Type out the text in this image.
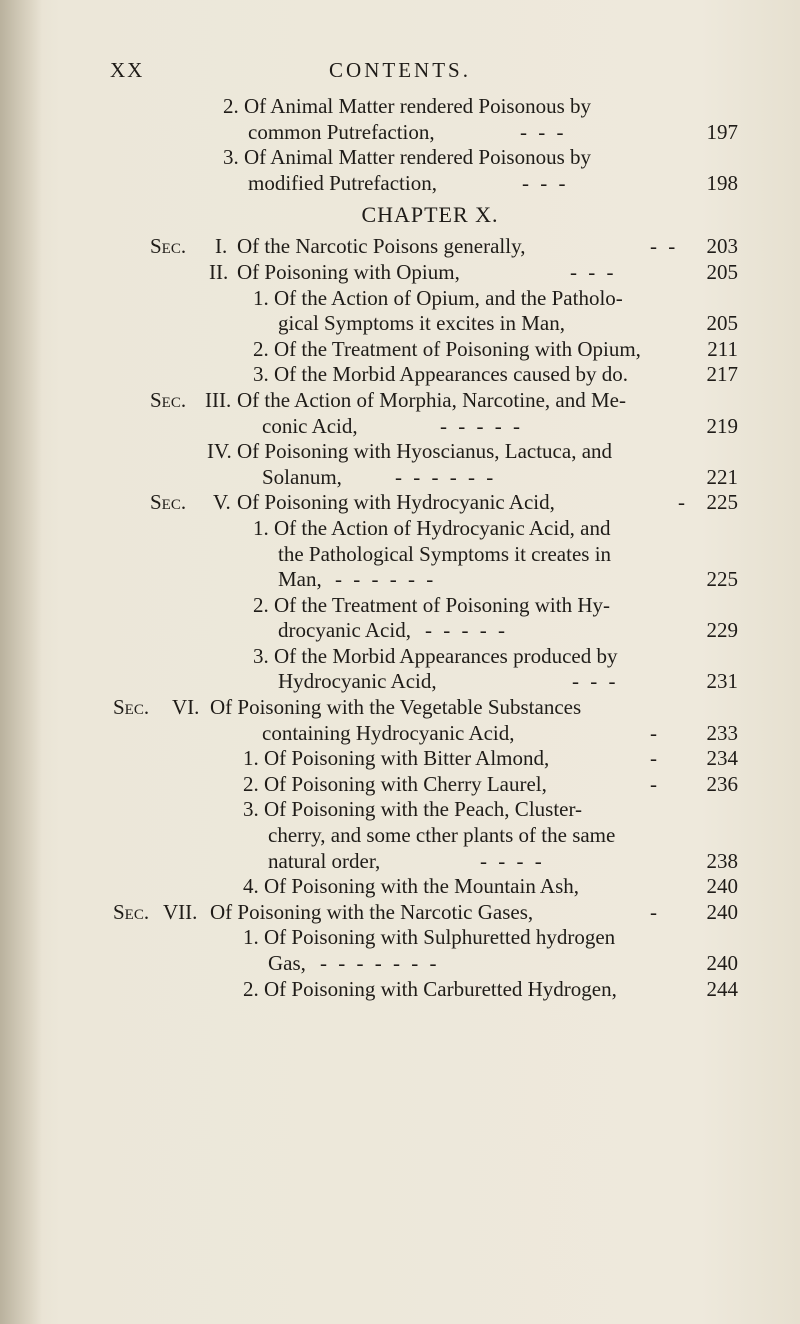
XX	CONTENTS.
2. Of Animal Matter rendered Poisonous by
common Putrefaction,	- - -	197
3. Of Animal Matter rendered Poisonous by
modified Putrefaction,	- - -	198
CHAPTER X.
Sec. I. Of the Narcotic Poisons generally,	- - 203
II. Of Poisoning with Opium,	- - -	205
1. Of the Action of Opium, and the Patholo-
gical Symptoms it excites in Man,	205
2. Of the Treatment of Poisoning with Opium,	211
3. Of the Morbid Appearances caused by do.	217
Sec. III. Of the Action of Morphia, Narcotine, and Me-
conic Acid,	- - - - -	219
IV. Of Poisoning with Hyoscianus, Lactuca, and
Solanum,	- - - - - -	221
Sec. V. Of Poisoning with Hydrocyanic Acid,	- 225
1. Of the Action of Hydrocyanic Acid, and
the Pathological Symptoms it creates in
Man, - - - - - -	225
2. Of the Treatment of Poisoning with Hy-
drocyanic Acid, - - - - -	229
3. Of the Morbid Appearances produced by
Hydrocyanic Acid,	- - -	231
Sec. VI. Of Poisoning with the Vegetable Substances
containing Hydrocyanic Acid,	- 233
1. Of Poisoning with Bitter Almond,	- 234
2. Of Poisoning with Cherry Laurel,	- 236
3. Of Poisoning with the Peach, Cluster-
cherry, and some cther plants of the same
natural order,	- - - -	238
4. Of Poisoning with the Mountain Ash,	240
Sec. VII. Of Poisoning with the Narcotic Gases,	- 240
1. Of Poisoning with Sulphuretted hydrogen
Gas, - - - - - - -	240
2. Of Poisoning with Carburetted Hydrogen,	244
